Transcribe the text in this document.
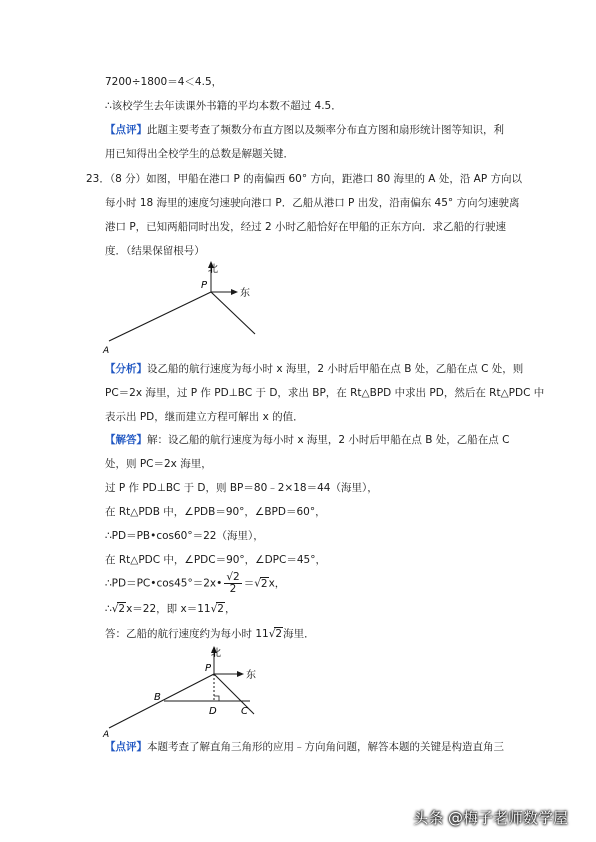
7200÷1800＝4＜4.5，
∴该校学生去年读课外书籍的平均本数不超过 4.5．
【点评】此题主要考查了频数分布直方图以及频率分布直方图和扇形统计图等知识，利
用已知得出全校学生的总数是解题关键．
23．（8 分）如图，甲船在港口 P 的南偏西 60° 方向，距港口 80 海里的 A 处，沿 AP 方向以
每小时 18 海里的速度匀速驶向港口 P．乙船从港口 P 出发，沿南偏东 45° 方向匀速驶离
港口 P，已知两船同时出发，经过 2 小时乙船恰好在甲船的正东方向．求乙船的行驶速
度．（结果保留根号）
北
东
P
A
【分析】设乙船的航行速度为每小时 x 海里，2 小时后甲船在点 B 处，乙船在点 C 处，则
PC＝2x 海里，过 P 作 PD⊥BC 于 D，求出 BP，在 Rt△BPD 中求出 PD，然后在 Rt△PDC 中
表示出 PD，继而建立方程可解出 x 的值．
【解答】解：设乙船的航行速度为每小时 x 海里，2 小时后甲船在点 B 处，乙船在点 C
处，则 PC＝2x 海里，
过 P 作 PD⊥BC 于 D，则 BP＝80﹣2×18＝44（海里），
在 Rt△PDB 中，∠PDB＝90°，∠BPD＝60°，
∴PD＝PB•cos60°＝22（海里），
在 Rt△PDC 中，∠PDC＝90°，∠DPC＝45°，
∴PD＝PC•cos45°＝2x• $\frac{√2}{2} =√2x$，
∴√2x＝22，即 x＝11√2，
答：乙船的航行速度约为每小时 11√2海里．
北
东
P
B
D C
A
【点评】本题考查了解直角三角形的应用﹣方向角问题，解答本题的关键是构造直角三
头条 @梅子老师数学屋
